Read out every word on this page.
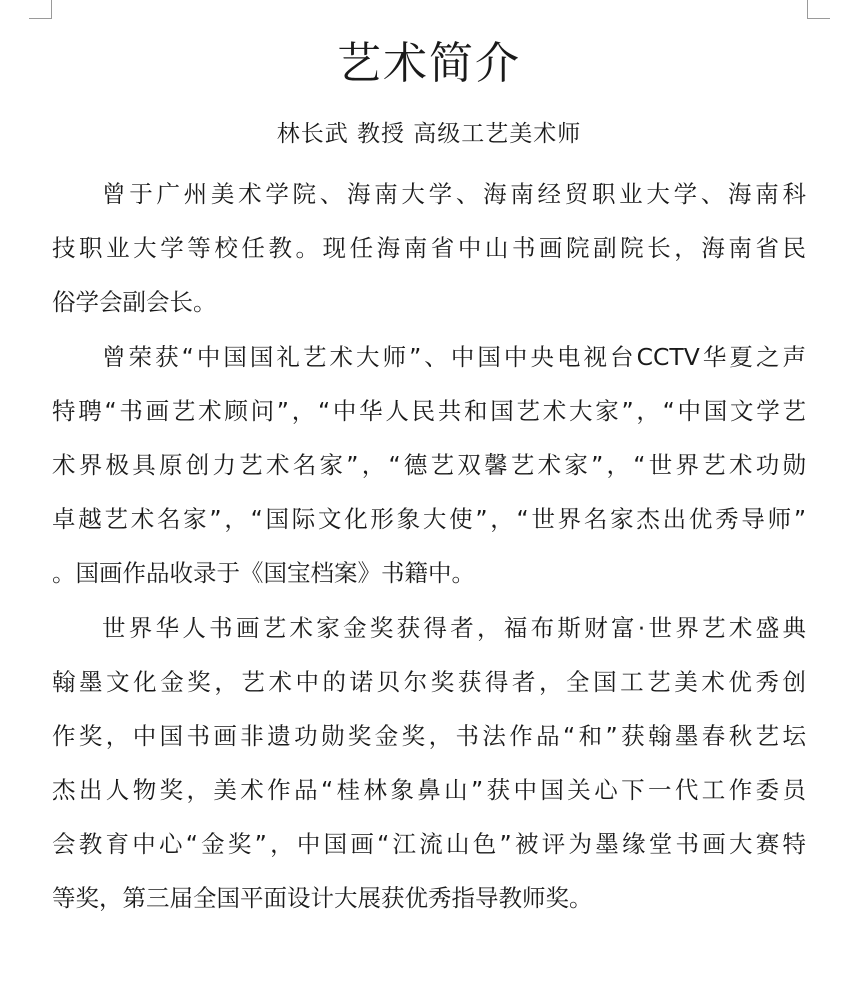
艺术简介
林长武 教授 高级工艺美术师
曾于广州美术学院、海南大学、海南经贸职业大学、海南科
技职业大学等校任教。现任海南省中山书画院副院长，海南省民
俗学会副会长。
曾荣获“中国国礼艺术大师”、中国中央电视台CCTV华夏之声
特聘“书画艺术顾问”，“中华人民共和国艺术大家”，“中国文学艺
术界极具原创力艺术名家”，“德艺双馨艺术家”，“世界艺术功勋
卓越艺术名家”，“国际文化形象大使”，“世界名家杰出优秀导师”
。国画作品收录于《国宝档案》书籍中。
世界华人书画艺术家金奖获得者，福布斯财富·世界艺术盛典
翰墨文化金奖，艺术中的诺贝尔奖获得者，全国工艺美术优秀创
作奖，中国书画非遗功勋奖金奖，书法作品“和”获翰墨春秋艺坛
杰出人物奖，美术作品“桂林象鼻山”获中国关心下一代工作委员
会教育中心“金奖”，中国画“江流山色”被评为墨缘堂书画大赛特
等奖，第三届全国平面设计大展获优秀指导教师奖。
